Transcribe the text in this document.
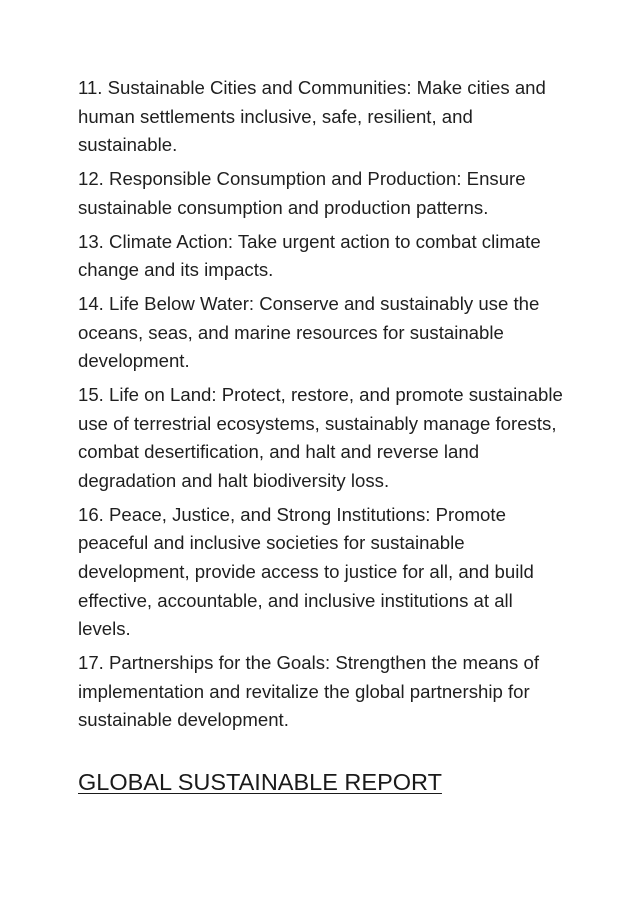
11. Sustainable Cities and Communities: Make cities and human settlements inclusive, safe, resilient, and sustainable.
12. Responsible Consumption and Production: Ensure sustainable consumption and production patterns.
13. Climate Action: Take urgent action to combat climate change and its impacts.
14. Life Below Water: Conserve and sustainably use the oceans, seas, and marine resources for sustainable development.
15. Life on Land: Protect, restore, and promote sustainable use of terrestrial ecosystems, sustainably manage forests, combat desertification, and halt and reverse land degradation and halt biodiversity loss.
16. Peace, Justice, and Strong Institutions: Promote peaceful and inclusive societies for sustainable development, provide access to justice for all, and build effective, accountable, and inclusive institutions at all levels.
17. Partnerships for the Goals: Strengthen the means of implementation and revitalize the global partnership for sustainable development.
GLOBAL SUSTAINABLE REPORT
